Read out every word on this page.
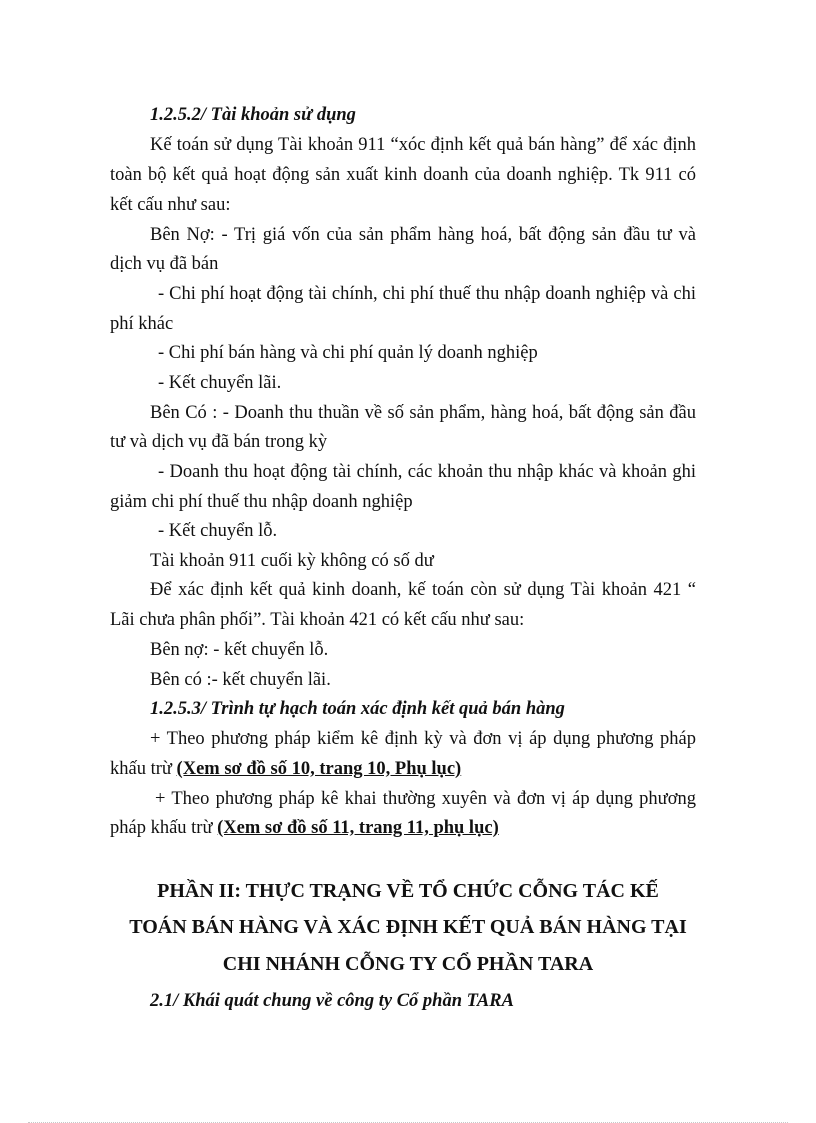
1.2.5.2/ Tài khoản sử dụng
Kế toán sử dụng Tài khoản 911 “xóc định kết quả bán hàng” để xác định
toàn bộ kết quả hoạt động sản xuất kinh doanh của doanh nghiệp. Tk 911 có
kết cấu như sau:
Bên Nợ: - Trị giá vốn của sản phẩm hàng hoá, bất động sản đầu tư và
dịch vụ đã bán
- Chi phí hoạt động tài chính, chi phí thuế thu nhập doanh nghiệp và chi
phí khác
- Chi phí bán hàng và chi phí quản lý doanh nghiệp
- Kết chuyển lãi.
Bên Có : - Doanh thu thuần về số sản phẩm, hàng hoá, bất động sản đầu
tư và dịch vụ đã bán trong kỳ
- Doanh thu hoạt động tài chính, các khoản thu nhập khác và khoản ghi
giảm chi phí thuế thu nhập doanh nghiệp
- Kết chuyển lỗ.
Tài khoản 911 cuối kỳ không có số dư
Để xác định kết quả kinh doanh, kế toán còn sử dụng Tài khoản 421 “
Lãi chưa phân phối”. Tài khoản 421 có kết cấu như sau:
Bên nợ: - kết chuyển lỗ.
Bên có :- kết chuyển lãi.
1.2.5.3/ Trình tự hạch toán xác định kết quả bán hàng
+ Theo phương pháp kiểm kê định kỳ và đơn vị áp dụng phương pháp
khấu trừ (Xem sơ đồ số 10, trang 10, Phụ lục)
+ Theo phương pháp kê khai thường xuyên và đơn vị áp dụng phương
pháp khấu trừ (Xem sơ đồ số 11, trang 11, phụ lục)
PHẦN II: THỰC TRẠNG VỀ TỔ CHỨC CỖNG TÁC KẾ
TOÁN BÁN HÀNG VÀ XÁC ĐỊNH KẾT QUẢ BÁN HÀNG TẠI
CHI NHÁNH CỖNG TY CỔ PHẦN TARA
2.1/ Khái quát chung về công ty Cổ phần TARA
